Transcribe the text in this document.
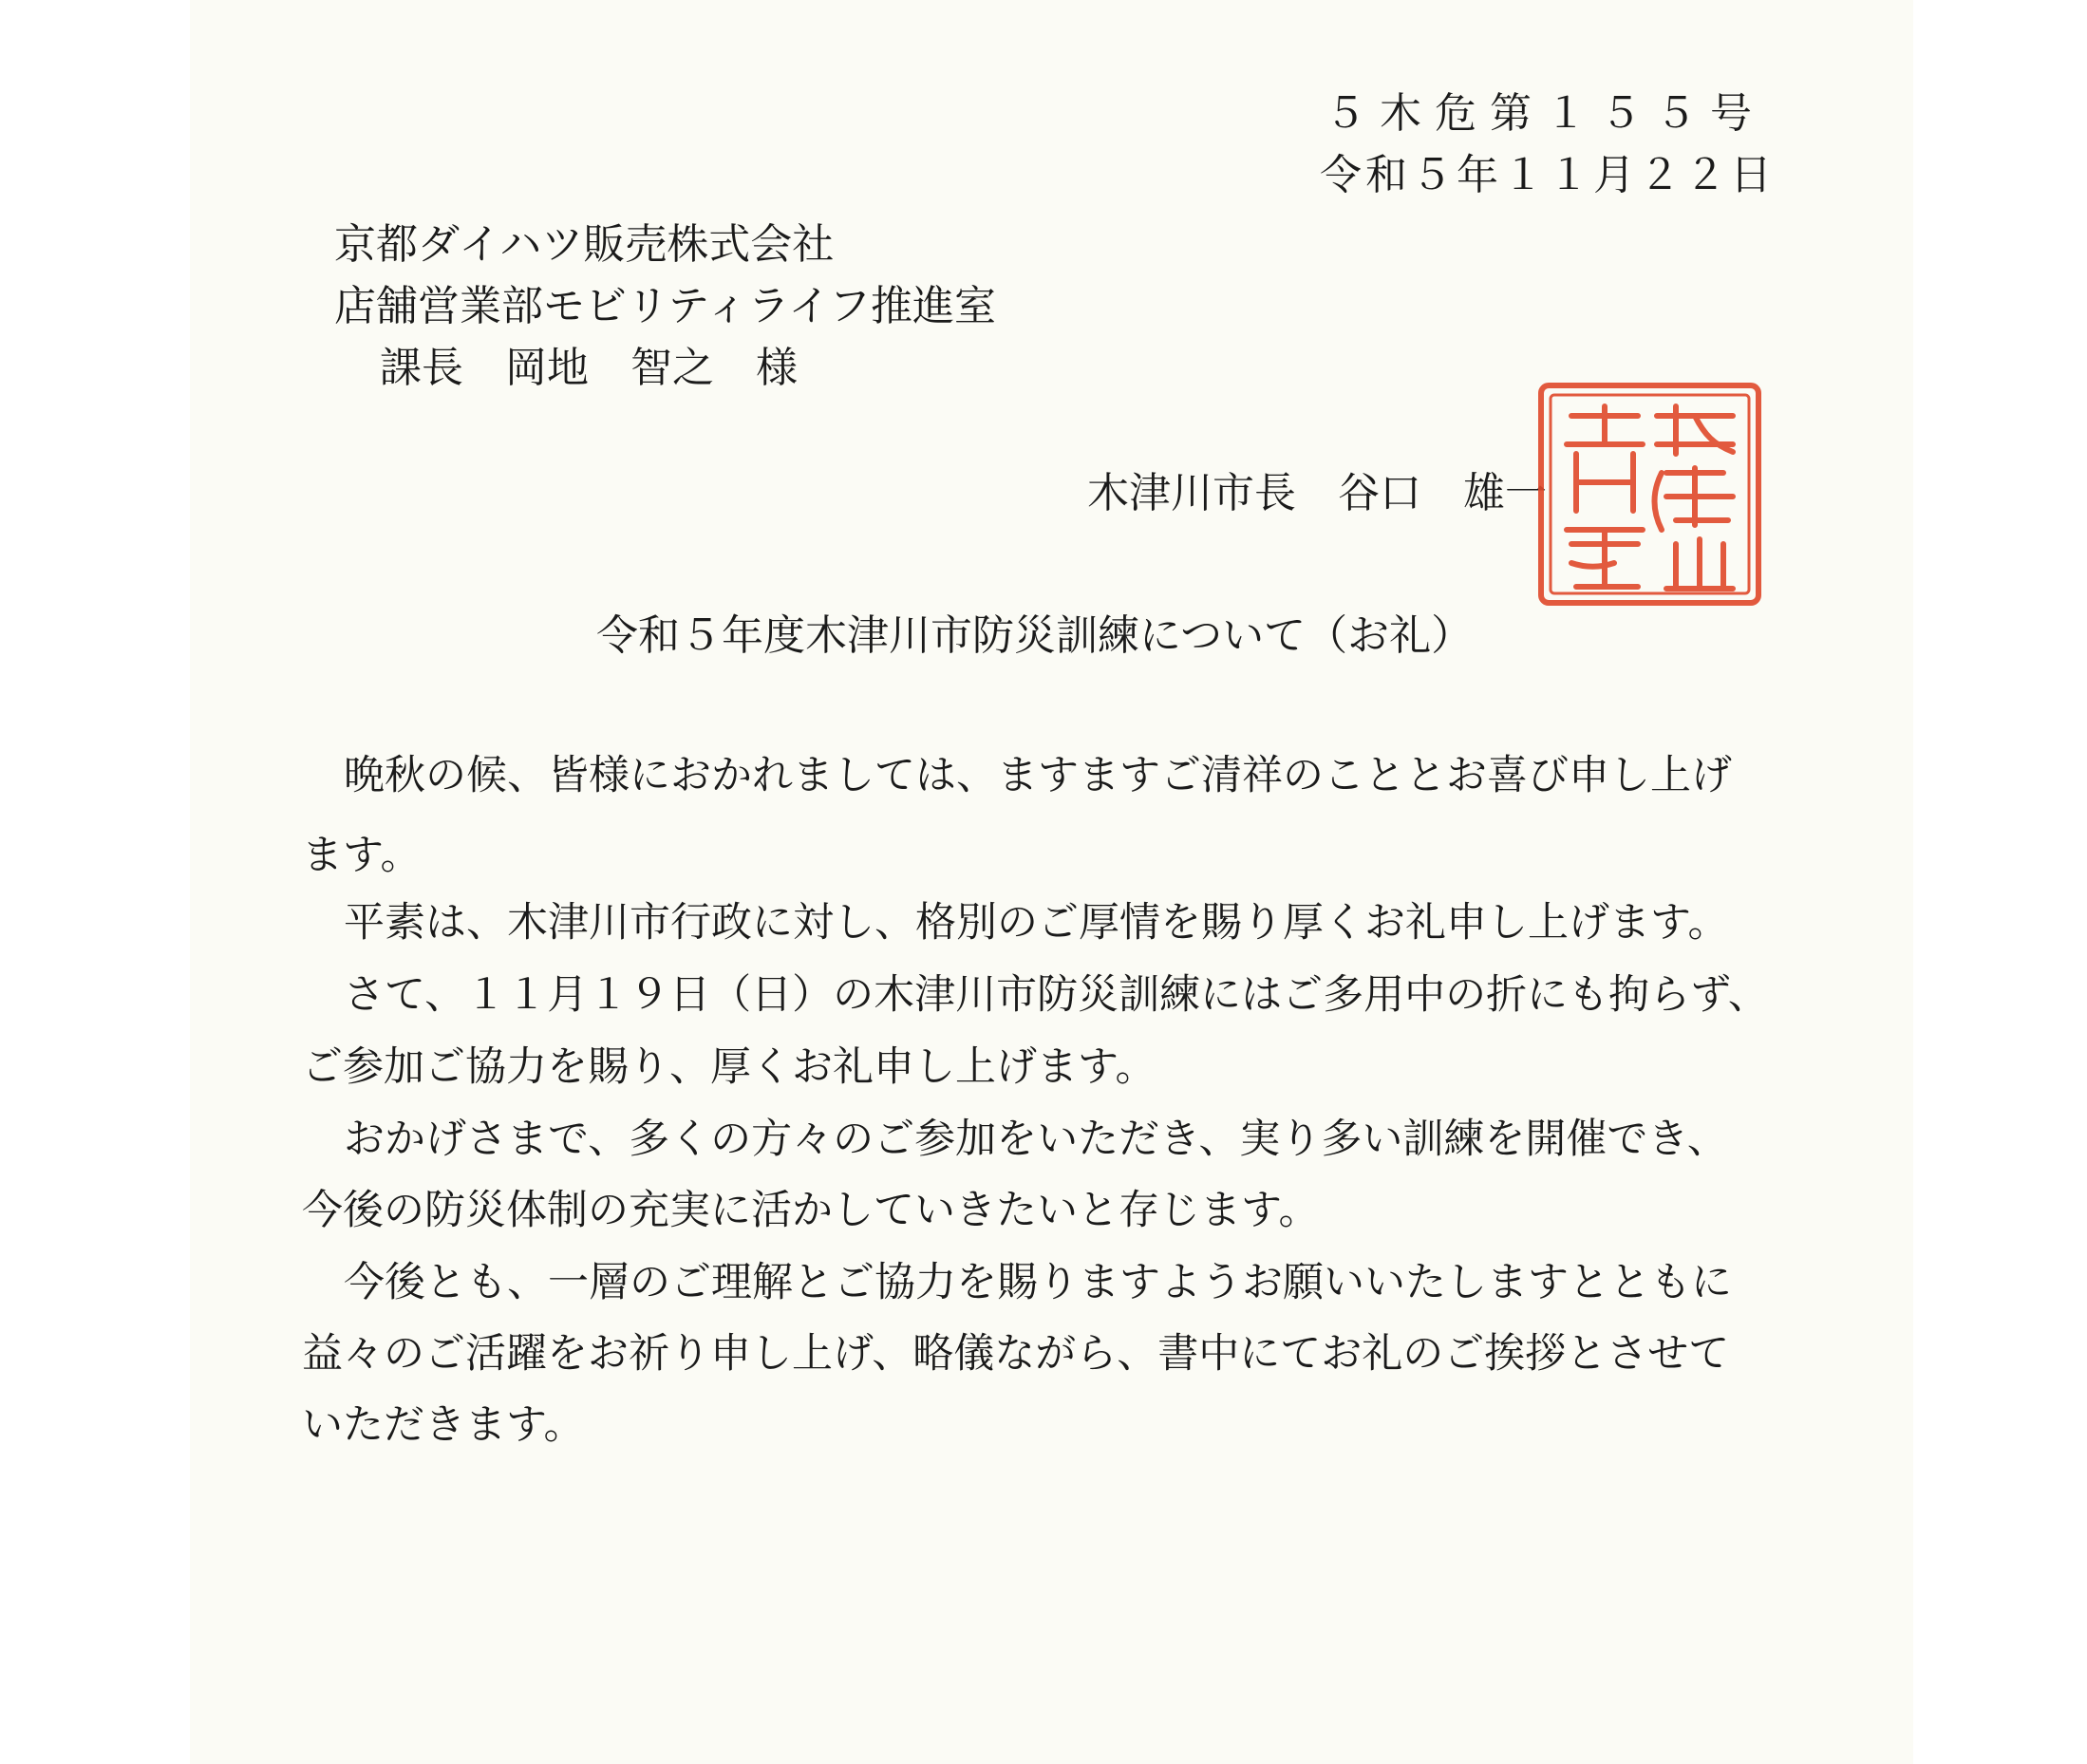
５木危第１５５号
令和５年１１月２２日
京都ダイハツ販売株式会社
店舗営業部モビリティライフ推進室
課長　岡地　智之　様
木津川市長　谷口　雄一
令和５年度木津川市防災訓練について（お礼）
晩秋の候、皆様におかれましては、ますますご清祥のこととお喜び申し上げ
ます。
平素は、木津川市行政に対し、格別のご厚情を賜り厚くお礼申し上げます。
さて、１１月１９日（日）の木津川市防災訓練にはご多用中の折にも拘らず、
ご参加ご協力を賜り、厚くお礼申し上げます。
おかげさまで、多くの方々のご参加をいただき、実り多い訓練を開催でき、
今後の防災体制の充実に活かしていきたいと存じます。
今後とも、一層のご理解とご協力を賜りますようお願いいたしますとともに
益々のご活躍をお祈り申し上げ、略儀ながら、書中にてお礼のご挨拶とさせて
いただきます。
